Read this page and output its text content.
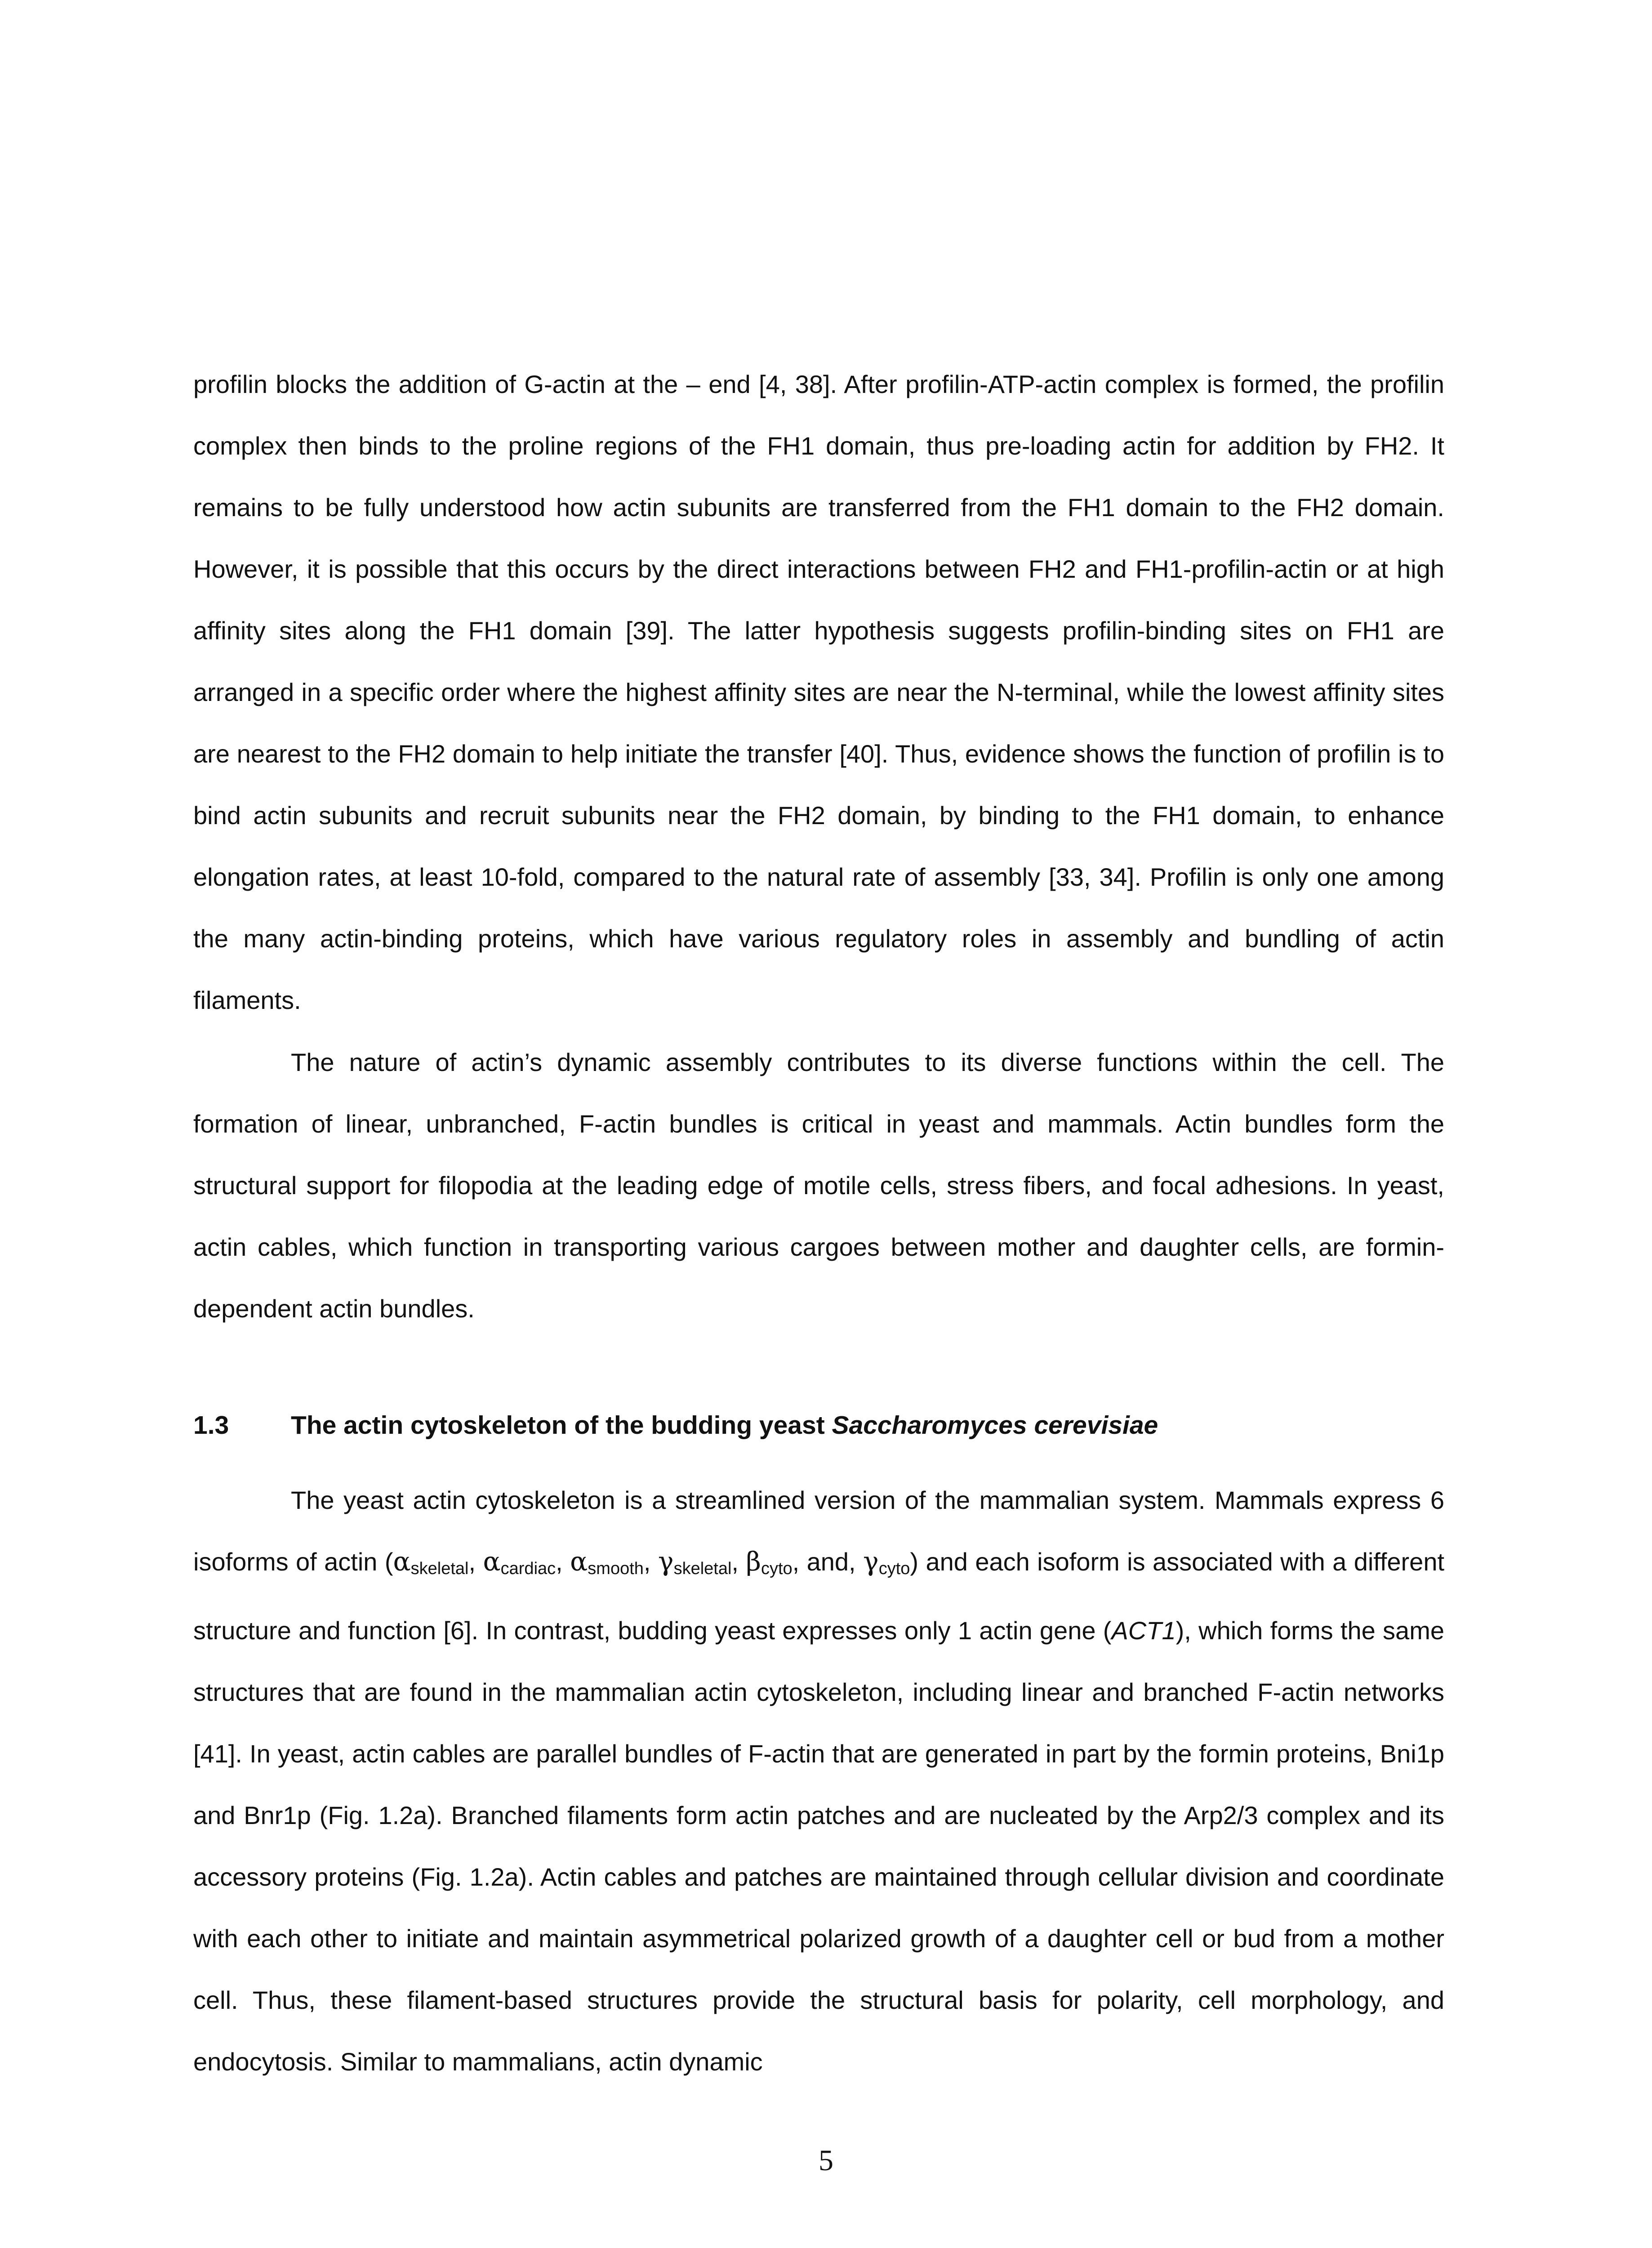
profilin blocks the addition of G-actin at the – end [4, 38]. After profilin-ATP-actin complex is formed, the profilin complex then binds to the proline regions of the FH1 domain, thus pre-loading actin for addition by FH2. It remains to be fully understood how actin subunits are transferred from the FH1 domain to the FH2 domain. However, it is possible that this occurs by the direct interactions between FH2 and FH1-profilin-actin or at high affinity sites along the FH1 domain [39]. The latter hypothesis suggests profilin-binding sites on FH1 are arranged in a specific order where the highest affinity sites are near the N-terminal, while the lowest affinity sites are nearest to the FH2 domain to help initiate the transfer [40]. Thus, evidence shows the function of profilin is to bind actin subunits and recruit subunits near the FH2 domain, by binding to the FH1 domain, to enhance elongation rates, at least 10-fold, compared to the natural rate of assembly [33, 34]. Profilin is only one among the many actin-binding proteins, which have various regulatory roles in assembly and bundling of actin filaments.

The nature of actin’s dynamic assembly contributes to its diverse functions within the cell. The formation of linear, unbranched, F-actin bundles is critical in yeast and mammals. Actin bundles form the structural support for filopodia at the leading edge of motile cells, stress fibers, and focal adhesions. In yeast, actin cables, which function in transporting various cargoes between mother and daughter cells, are formin-dependent actin bundles.

1.3 The actin cytoskeleton of the budding yeast Saccharomyces cerevisiae

The yeast actin cytoskeleton is a streamlined version of the mammalian system. Mammals express 6 isoforms of actin ($\alpha_{skeletal}$, $\alpha_{cardiac}$, $\alpha_{smooth}$, $\gamma_{skeletal}$, $\beta_{cyto}$, and, $\gamma_{cyto}$) and each isoform is associated with a different structure and function [6]. In contrast, budding yeast expresses only 1 actin gene (ACT1), which forms the same structures that are found in the mammalian actin cytoskeleton, including linear and branched F-actin networks [41]. In yeast, actin cables are parallel bundles of F-actin that are generated in part by the formin proteins, Bni1p and Bnr1p (Fig. 1.2a). Branched filaments form actin patches and are nucleated by the Arp2/3 complex and its accessory proteins (Fig. 1.2a). Actin cables and patches are maintained through cellular division and coordinate with each other to initiate and maintain asymmetrical polarized growth of a daughter cell or bud from a mother cell. Thus, these filament-based structures provide the structural basis for polarity, cell morphology, and endocytosis. Similar to mammalians, actin dynamic

5
